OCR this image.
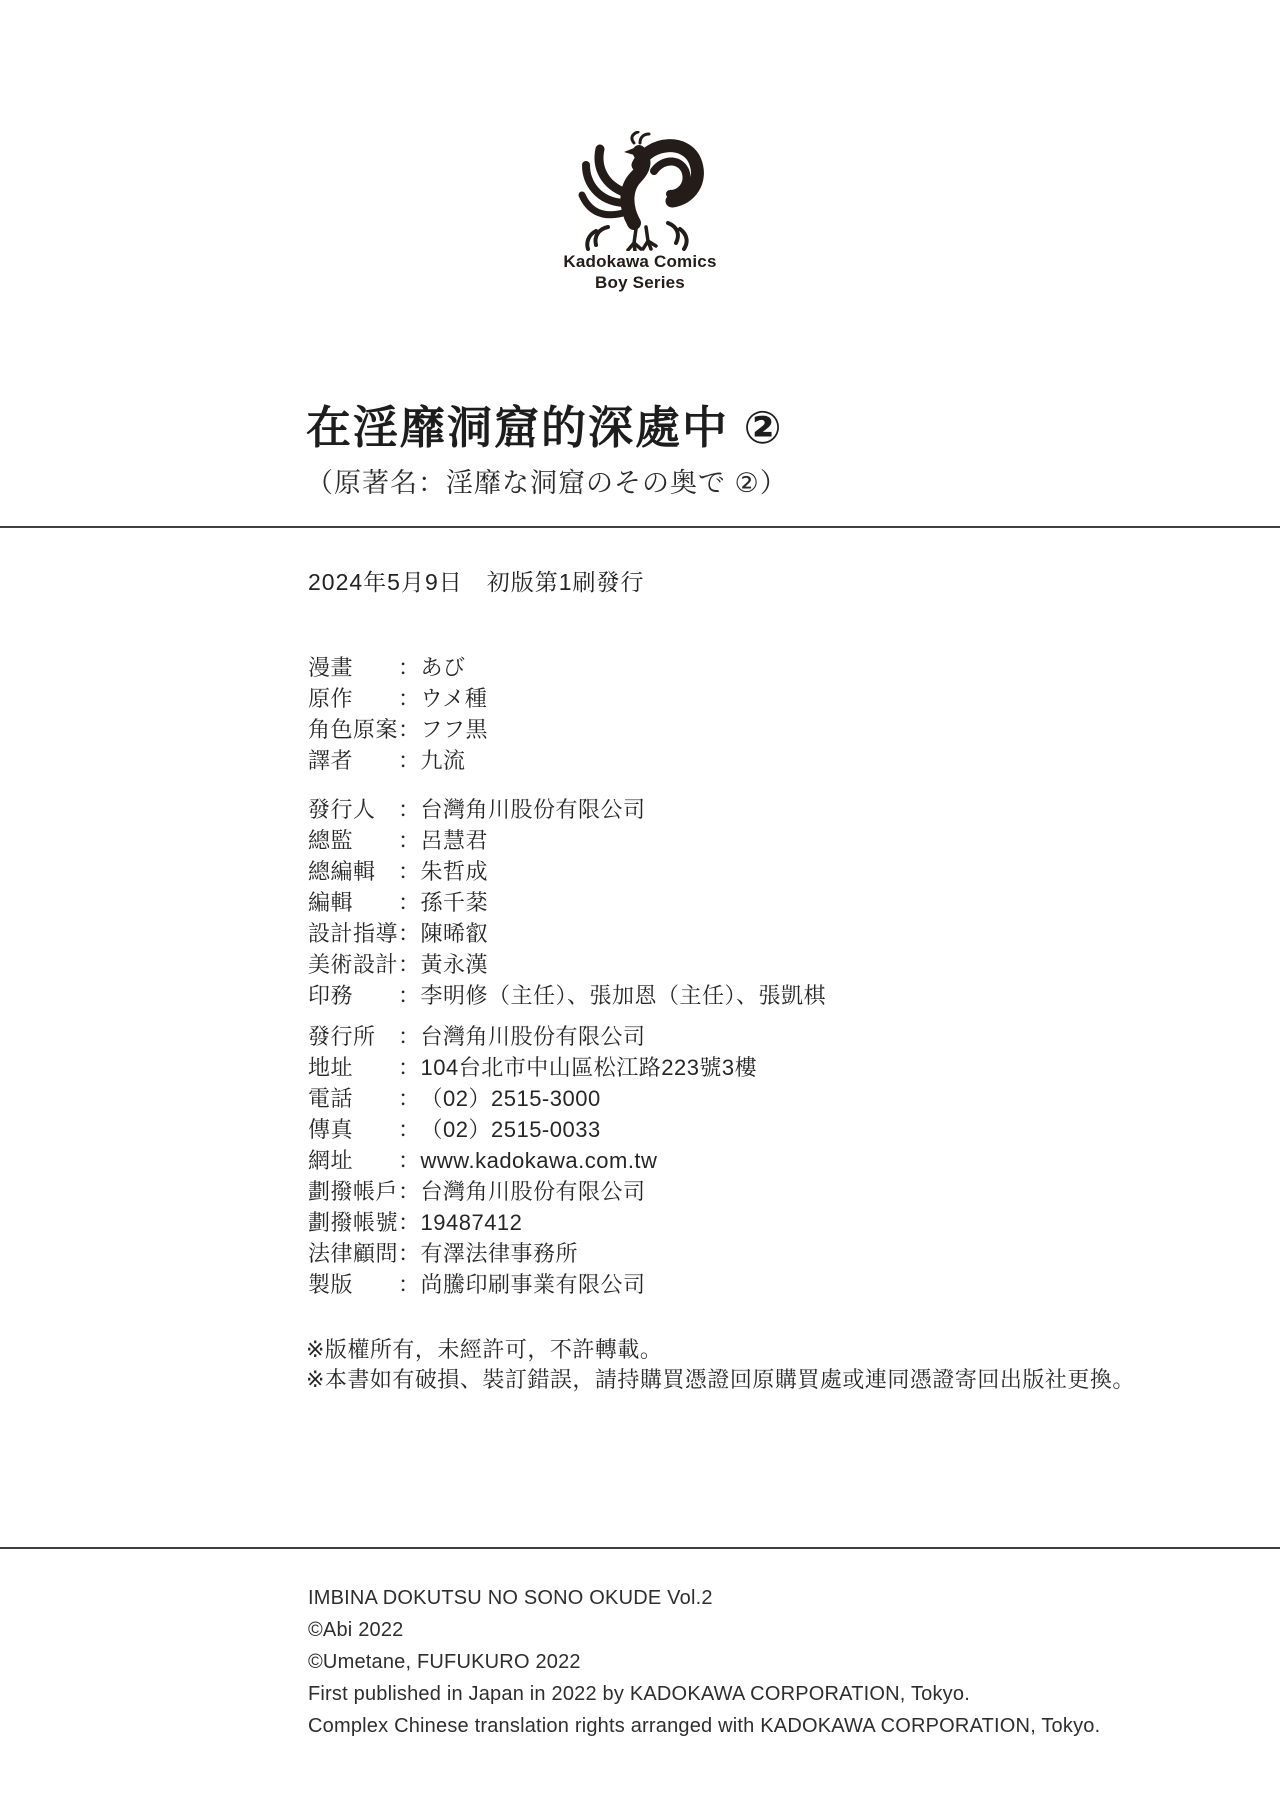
Kadokawa Comics
Boy Series
在淫靡洞窟的深處中 ②
（原著名：淫靡な洞窟のその奥で ②）
2024年5月9日　初版第1刷發行
漫畫 ：あび
原作 ：ウメ種
角色原案：フフ黒
譯者 ：九流
發行人 ：台灣角川股份有限公司
總監 ：呂慧君
總編輯 ：朱哲成
編輯 ：孫千棻
設計指導：陳晞叡
美術設計：黃永漢
印務 ：李明修（主任）、張加恩（主任）、張凱棋
發行所 ：台灣角川股份有限公司
地址 ：104台北市中山區松江路223號3樓
電話 ：（02）2515-3000
傳真 ：（02）2515-0033
網址 ：www.kadokawa.com.tw
劃撥帳戶：台灣角川股份有限公司
劃撥帳號：19487412
法律顧問：有澤法律事務所
製版 ：尚騰印刷事業有限公司
※版權所有，未經許可，不許轉載。
※本書如有破損、裝訂錯誤，請持購買憑證回原購買處或連同憑證寄回出版社更換。
IMBINA DOKUTSU NO SONO OKUDE Vol.2
©Abi 2022
©Umetane, FUFUKURO 2022
First published in Japan in 2022 by KADOKAWA CORPORATION, Tokyo.
Complex Chinese translation rights arranged with KADOKAWA CORPORATION, Tokyo.
